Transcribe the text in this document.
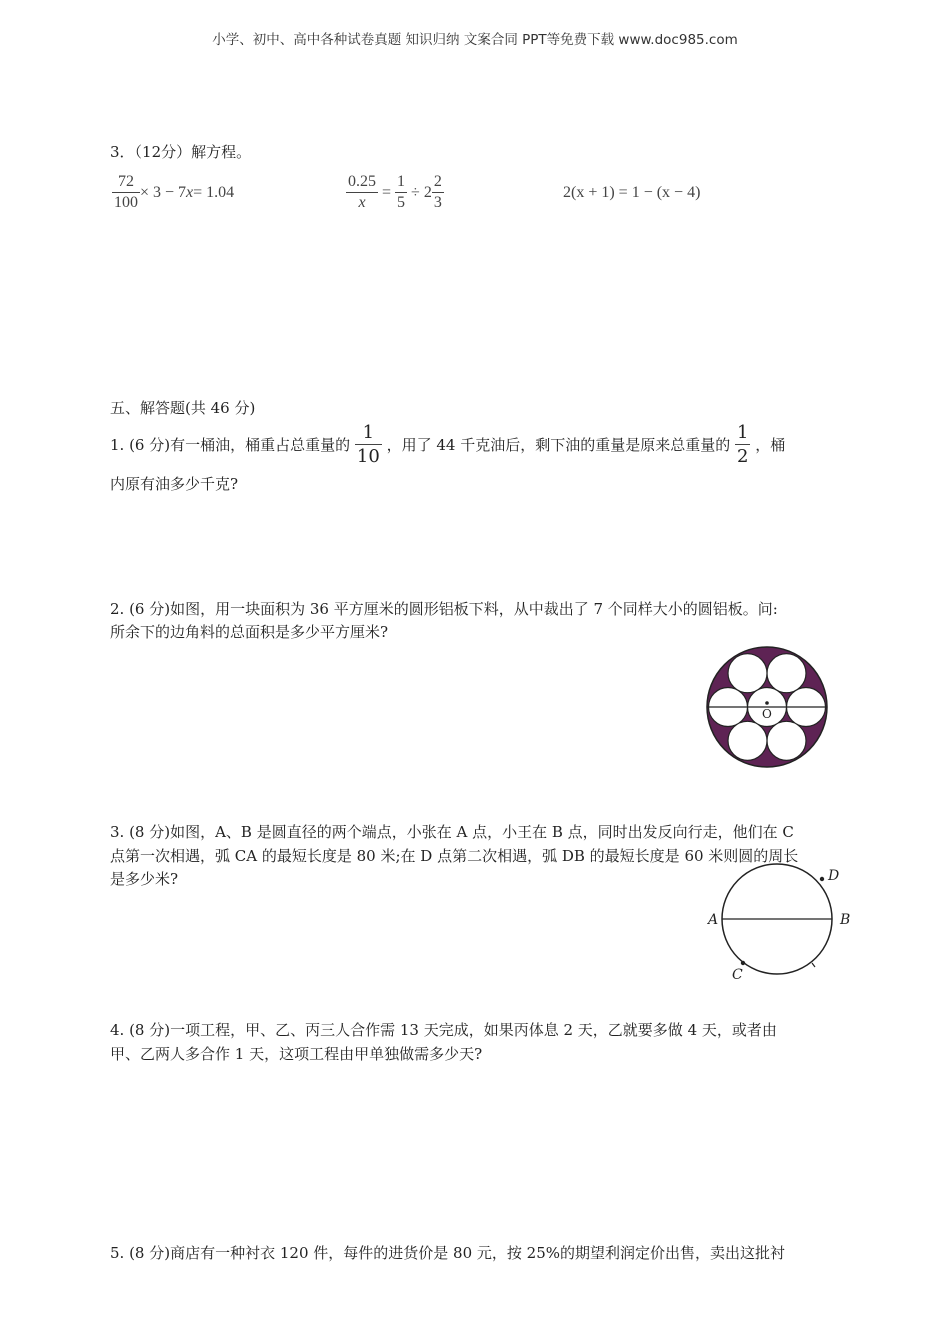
小学、初中、高中各种试卷真题 知识归纳 文案合同 PPT等免费下载 www.doc985.com
3．（12分）解方程。
$\frac{72}{100} \times 3 - 7x= 1.04$	$\frac{0.25}{x} = \frac{1}{5} \div 2 \frac{2}{3}$	2(x + 1) = 1 − (x − 4)
五、解答题(共 46 分)
1. (6 分)有一桶油，桶重占总重量的 $\frac{1}{10}$ ，用了 44 千克油后，剩下油的重量是原来总重量的 $\frac{1}{2}$ ，桶
内原有油多少千克?
2. (6 分)如图，用一块面积为 36 平方厘米的圆形铝板下料，从中裁出了 7 个同样大小的圆铝板。问:
所余下的边角料的总面积是多少平方厘米?
O
3. (8 分)如图，A、B 是圆直径的两个端点，小张在 A 点，小王在 B 点，同时出发反向行走，他们在 C
点第一次相遇，弧 CA 的最短长度是 80 米;在 D 点第二次相遇，弧 DB 的最短长度是 60 米则圆的周长
是多少米?
A	B
C
D
4. (8 分)一项工程，甲、乙、丙三人合作需 13 天完成，如果丙体息 2 天，乙就要多做 4 天，或者由
甲、乙两人多合作 1 天，这项工程由甲单独做需多少天?
5. (8 分)商店有一种衬衣 120 件，每件的进货价是 80 元，按 25%的期望利润定价出售，卖出这批衬
